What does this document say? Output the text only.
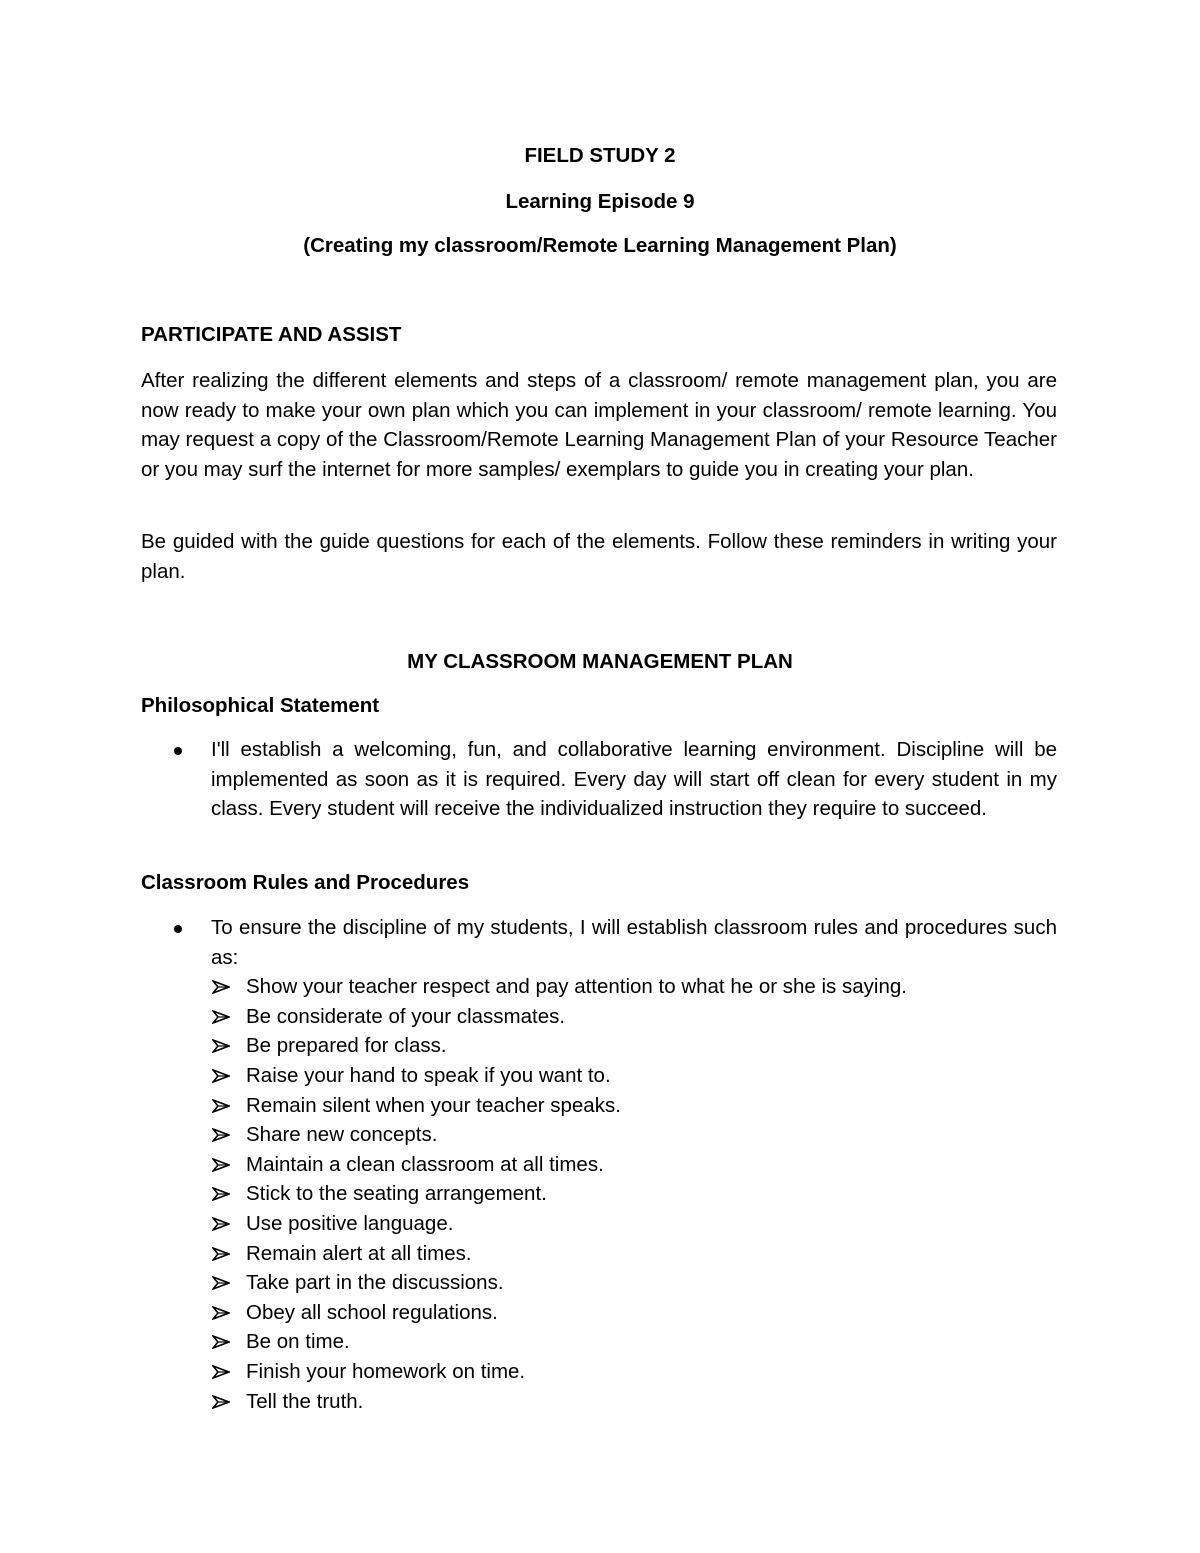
FIELD STUDY 2
Learning Episode 9
(Creating my classroom/Remote Learning Management Plan)
PARTICIPATE AND ASSIST

After realizing the different elements and steps of a classroom/ remote management plan, you are now ready to make your own plan which you can implement in your classroom/ remote learning. You may request a copy of the Classroom/Remote Learning Management Plan of your Resource Teacher or you may surf the internet for more samples/ exemplars to guide you in creating your plan.

Be guided with the guide questions for each of the elements. Follow these reminders in writing your plan.

MY CLASSROOM MANAGEMENT PLAN
Philosophical Statement
I'll establish a welcoming, fun, and collaborative learning environment. Discipline will be implemented as soon as it is required. Every day will start off clean for every student in my class. Every student will receive the individualized instruction they require to succeed.
Classroom Rules and Procedures
To ensure the discipline of my students, I will establish classroom rules and procedures such as:
Show your teacher respect and pay attention to what he or she is saying.
Be considerate of your classmates.
Be prepared for class.
Raise your hand to speak if you want to.
Remain silent when your teacher speaks.
Share new concepts.
Maintain a clean classroom at all times.
Stick to the seating arrangement.
Use positive language.
Remain alert at all times.
Take part in the discussions.
Obey all school regulations.
Be on time.
Finish your homework on time.
Tell the truth.
